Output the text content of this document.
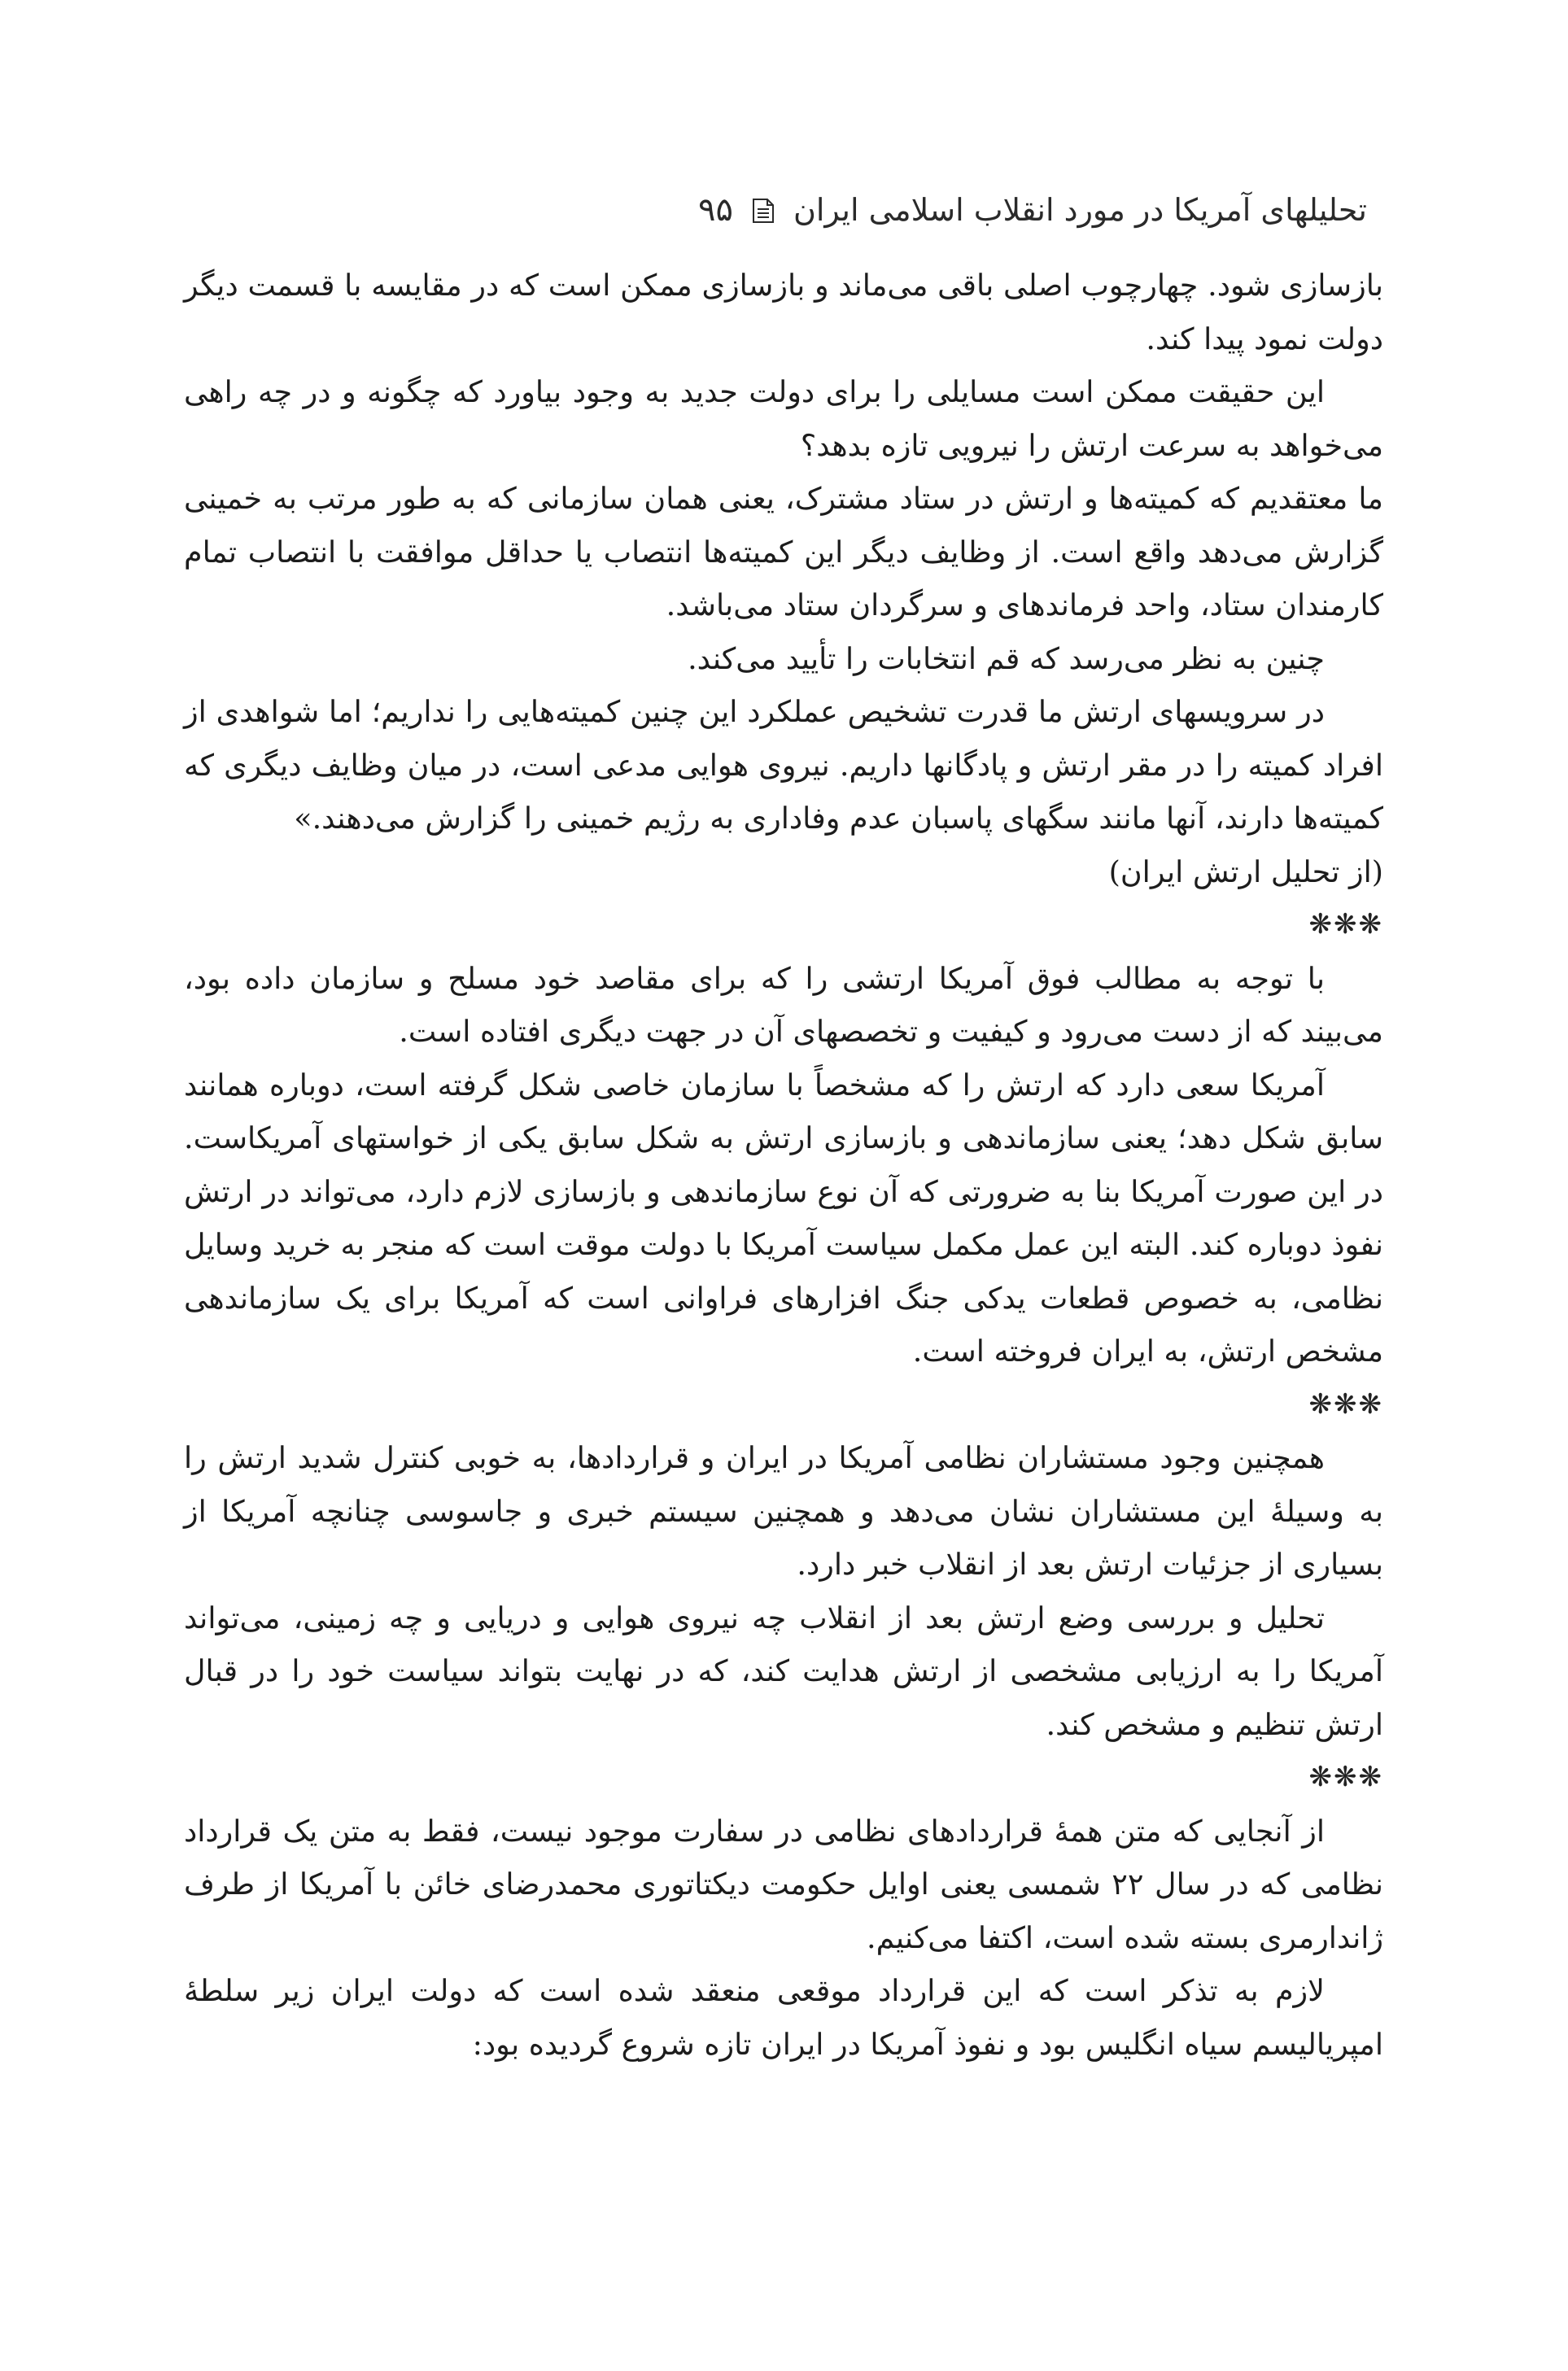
تحلیلهای آمریکا در مورد انقلاب اسلامی ایران
۹۵

بازسازی شود. چهارچوب اصلی باقی می‌ماند و بازسازی ممکن است که در مقایسه با قسمت دیگر دولت نمود پیدا کند.

این حقیقت ممکن است مسایلی را برای دولت جدید به وجود بیاورد که چگونه و در چه راهی می‌خواهد به سرعت ارتش را نیرویی تازه بدهد؟

ما معتقدیم که کمیته‌ها و ارتش در ستاد مشترک، یعنی همان سازمانی که به طور مرتب به خمینی گزارش می‌دهد واقع است. از وظایف دیگر این کمیته‌ها انتصاب یا حداقل موافقت با انتصاب تمام کارمندان ستاد، واحد فرماندهای و سرگردان ستاد می‌باشد.

چنین به نظر می‌رسد که قم انتخابات را تأیید می‌کند.

در سرویسهای ارتش ما قدرت تشخیص عملکرد این چنین کمیته‌هایی را نداریم؛ اما شواهدی از افراد کمیته را در مقر ارتش و پادگانها داریم. نیروی هوایی مدعی است، در میان وظایف دیگری که کمیته‌ها دارند، آنها مانند سگهای پاسبان عدم وفاداری به رژیم خمینی را گزارش می‌دهند.»

(از تحلیل ارتش ایران)

❋❋❋

با توجه به مطالب فوق آمریکا ارتشی را که برای مقاصد خود مسلح و سازمان داده بود، می‌بیند که از دست می‌رود و کیفیت و تخصصهای آن در جهت دیگری افتاده است.

آمریکا سعی دارد که ارتش را که مشخصاً با سازمان خاصی شکل گرفته است، دوباره همانند سابق شکل دهد؛ یعنی سازماندهی و بازسازی ارتش به شکل سابق یکی از خواستهای آمریکاست. در این صورت آمریکا بنا به ضرورتی که آن نوع سازماندهی و بازسازی لازم دارد، می‌تواند در ارتش نفوذ دوباره کند. البته این عمل مکمل سیاست آمریکا با دولت موقت است که منجر به خرید وسایل نظامی، به خصوص قطعات یدکی جنگ افزارهای فراوانی است که آمریکا برای یک سازماندهی مشخص ارتش، به ایران فروخته است.

❋❋❋

همچنین وجود مستشاران نظامی آمریکا در ایران و قراردادها، به خوبی کنترل شدید ارتش را به وسیلهٔ این مستشاران نشان می‌دهد و همچنین سیستم خبری و جاسوسی چنانچه آمریکا از بسیاری از جزئیات ارتش بعد از انقلاب خبر دارد.

تحلیل و بررسی وضع ارتش بعد از انقلاب چه نیروی هوایی و دریایی و چه زمینی، می‌تواند آمریکا را به ارزیابی مشخصی از ارتش هدایت کند، که در نهایت بتواند سیاست خود را در قبال ارتش تنظیم و مشخص کند.

❋❋❋

از آنجایی که متن همهٔ قراردادهای نظامی در سفارت موجود نیست، فقط به متن یک قرارداد نظامی که در سال ۲۲ شمسی یعنی اوایل حکومت دیکتاتوری محمدرضای خائن با آمریکا از طرف ژاندارمری بسته شده است، اکتفا می‌کنیم.

لازم به تذکر است که این قرارداد موقعی منعقد شده است که دولت ایران زیر سلطهٔ امپریالیسم سیاه انگلیس بود و نفوذ آمریکا در ایران تازه شروع گردیده بود:
